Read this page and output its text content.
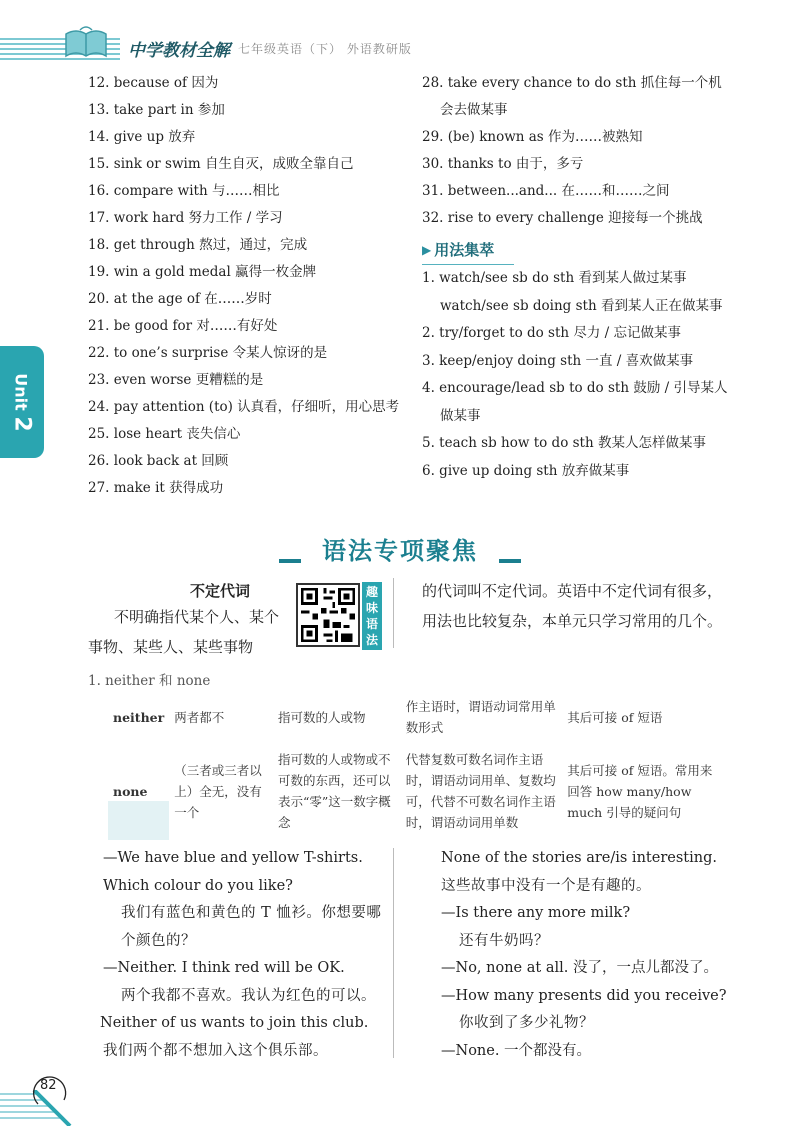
中学教材全解 七年级英语（下） 外语教研版
Unit 2
12. because of 因为
13. take part in 参加
14. give up 放弃
15. sink or swim 自生自灭，成败全靠自己
16. compare with 与……相比
17. work hard 努力工作 / 学习
18. get through 熬过，通过，完成
19. win a gold medal 赢得一枚金牌
20. at the age of 在……岁时
21. be good for 对……有好处
22. to one’s surprise 令某人惊讶的是
23. even worse 更糟糕的是
24. pay attention (to) 认真看，仔细听，用心思考
25. lose heart 丧失信心
26. look back at 回顾
27. make it 获得成功
28. take every chance to do sth 抓住每一个机会去做某事
29. (be) known as 作为……被熟知
30. thanks to 由于，多亏
31. between...and... 在……和……之间
32. rise to every challenge 迎接每一个挑战
▶ 用法集萃
1. watch/see sb do sth 看到某人做过某事
watch/see sb doing sth 看到某人正在做某事
2. try/forget to do sth 尽力 / 忘记做某事
3. keep/enjoy doing sth 一直 / 喜欢做某事
4. encourage/lead sb to do sth 鼓励 / 引导某人做某事
5. teach sb how to do sth 教某人怎样做某事
6. give up doing sth 放弃做某事
语法专项聚焦
不定代词
不明确指代某个人、某个事物、某些人、某些事物
的代词叫不定代词。英语中不定代词有很多，用法也比较复杂，本单元只学习常用的几个。
趣味语法
1. neither 和 none
neither	两者都不	指可数的人或物	作主语时，谓语动词常用单数形式	其后可接 of 短语
none	（三者或三者以上）全无，没有一个	指可数的人或物或不可数的东西，还可以表示“零”这一数字概念	代替复数可数名词作主语时，谓语动词用单、复数均可，代替不可数名词作主语时，谓语动词用单数	其后可接 of 短语。常用来回答 how many/how much 引导的疑问句
—We have blue and yellow T-shirts. Which colour do you like?
我们有蓝色和黄色的 T 恤衫。你想要哪个颜色的？
—Neither. I think red will be OK.
两个我都不喜欢。我认为红色的可以。
Neither of us wants to join this club.
我们两个都不想加入这个俱乐部。
None of the stories are/is interesting.
这些故事中没有一个是有趣的。
—Is there any more milk?
还有牛奶吗？
—No, none at all. 没了，一点儿都没了。
—How many presents did you receive?
你收到了多少礼物？
—None. 一个都没有。
82
